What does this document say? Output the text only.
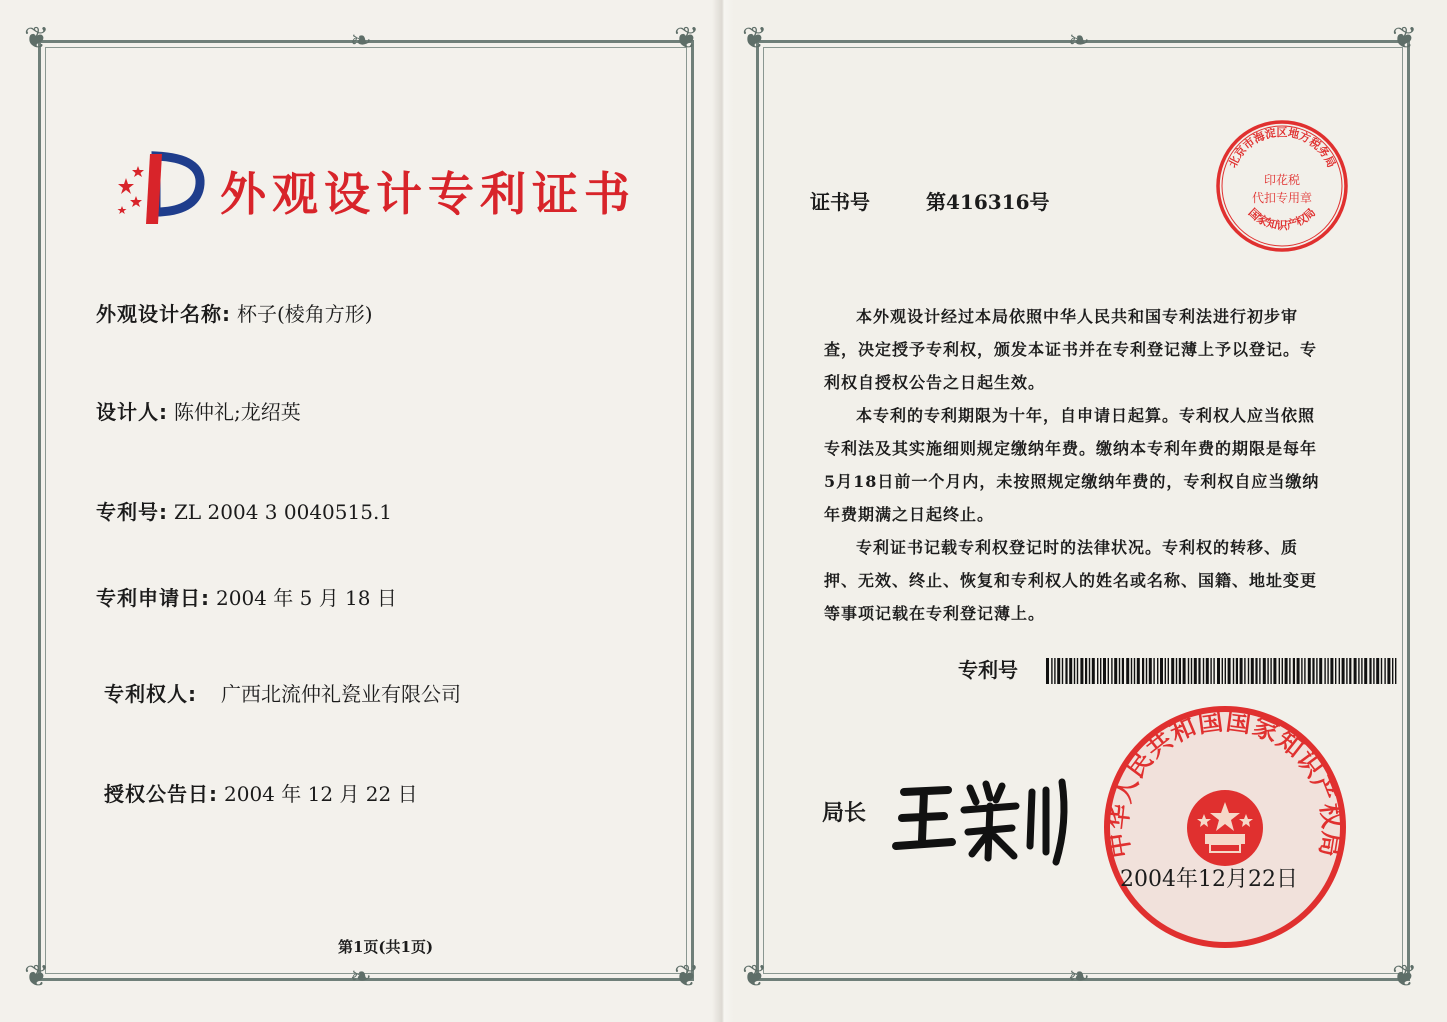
❦	❦
❦	❦
❦	❦
❦	❦
❧
❧
❧
❧
外观设计专利证书
外观设计名称: 杯子(棱角方形)
设计人: 陈仲礼;龙绍英
专利号: ZL 2004 3 0040515.1
专利申请日: 2004 年 5 月 18 日
专利权人: 广西北流仲礼瓷业有限公司
授权公告日: 2004 年 12 月 22 日
第1页(共1页)
证书号	第416316号
北京市海淀区地方税务局
国家知识产权局
印花税
代扣专用章

本外观设计经过本局依照中华人民共和国专利法进行初步审查，决定授予专利权，颁发本证书并在专利登记薄上予以登记。专利权自授权公告之日起生效。

本专利的专利期限为十年，自申请日起算。专利权人应当依照专利法及其实施细则规定缴纳年费。缴纳本专利年费的期限是每年5月18日前一个月内，未按照规定缴纳年费的，专利权自应当缴纳年费期满之日起终止。

专利证书记载专利权登记时的法律状况。专利权的转移、质押、无效、终止、恢复和专利权人的姓名或名称、国籍、地址变更等事项记载在专利登记薄上。

专利号
中华人民共和国国家知识产权局
局长
2004年12月22日
